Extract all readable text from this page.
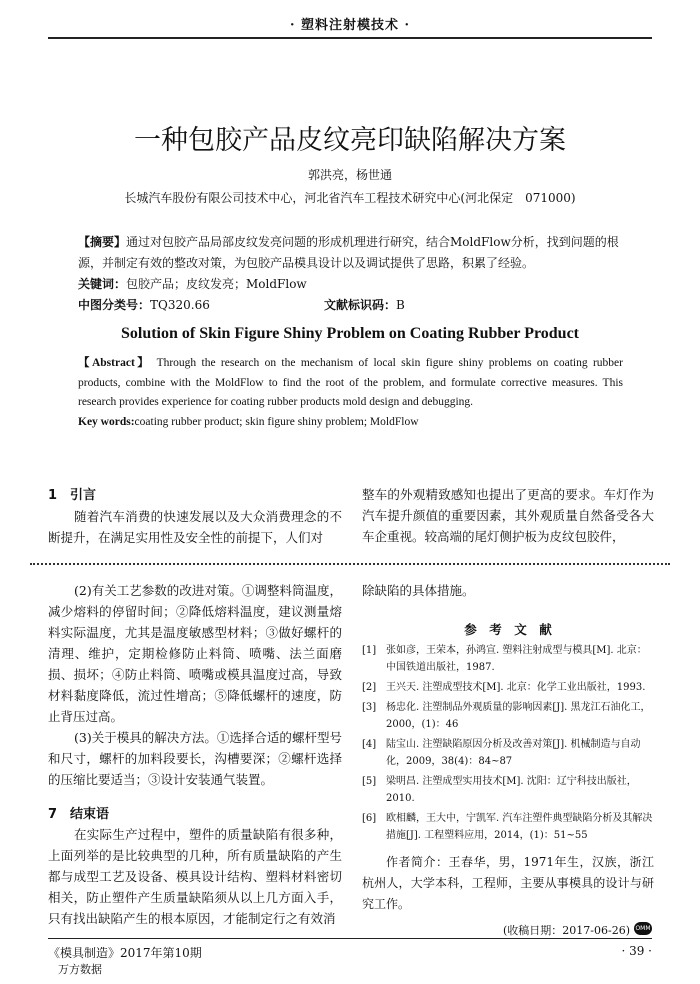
· 塑料注射模技术 ·
一种包胶产品皮纹亮印缺陷解决方案
郭洪亮，杨世通
长城汽车股份有限公司技术中心，河北省汽车工程技术研究中心(河北保定　071000)

【摘要】通过对包胶产品局部皮纹发亮问题的形成机理进行研究，结合MoldFlow分析，找到问题的根源，并制定有效的整改对策，为包胶产品模具设计以及调试提供了思路，积累了经验。

关键词：包胶产品；皮纹发亮；MoldFlow

中图分类号：TQ320.66	文献标识码：B

Solution of Skin Figure Shiny Problem on Coating Rubber Product

【Abstract】 Through the research on the mechanism of local skin figure shiny problems on coating rubber products, combine with the MoldFlow to find the root of the problem, and formulate corrective measures. This research provides experience for coating rubber products mold design and debugging.

Key words:coating rubber product; skin figure shiny problem; MoldFlow

1　引言
随着汽车消费的快速发展以及大众消费理念的不断提升，在满足实用性及安全性的前提下，人们对
整车的外观精致感知也提出了更高的要求。车灯作为汽车提升颜值的重要因素，其外观质量自然备受各大车企重视。较高端的尾灯侧护板为皮纹包胶件，

(2)有关工艺参数的改进对策。①调整料筒温度，减少熔料的停留时间；②降低熔料温度，建议测量熔料实际温度，尤其是温度敏感型材料；③做好螺杆的清理、维护，定期检修防止料筒、喷嘴、法兰面磨损、损坏；④防止料筒、喷嘴或模具温度过高，导致材料黏度降低，流过性增高；⑤降低螺杆的速度，防止背压过高。

(3)关于模具的解决方法。①选择合适的螺杆型号和尺寸，螺杆的加料段要长，沟槽要深；②螺杆选择的压缩比要适当；③设计安装通气装置。

7　结束语
在实际生产过程中，塑件的质量缺陷有很多种，上面列举的是比较典型的几种，所有质量缺陷的产生都与成型工艺及设备、模具设计结构、塑料材料密切相关，防止塑件产生质量缺陷须从以上几方面入手，只有找出缺陷产生的根本原因，才能制定行之有效消
除缺陷的具体措施。
参　考　文　献
[1] 张如彦，王荣本，孙鸿宣. 塑料注射成型与模具[M]. 北京：中国铁道出版社，1987.
[2] 王兴天. 注塑成型技术[M]. 北京：化学工业出版社，1993.
[3] 杨忠化. 注塑制品外观质量的影响因素[J]. 黑龙江石油化工，2000，(1)：46
[4] 陆宝山. 注塑缺陷原因分析及改善对策[J]. 机械制造与自动化，2009，38(4)：84~87
[5] 梁明昌. 注塑成型实用技术[M]. 沈阳：辽宁科技出版社，2010.
[6] 欧相麟，王大中，宁凯军. 汽车注塑件典型缺陷分析及其解决措施[J]. 工程塑料应用，2014，(1)：51~55
作者简介：王春华，男，1971年生，汉族，浙江杭州人，大学本科，工程师，主要从事模具的设计与研究工作。
(收稿日期：2017-06-26) OMM
《模具制造》2017年第10期
万方数据
· 39 ·
